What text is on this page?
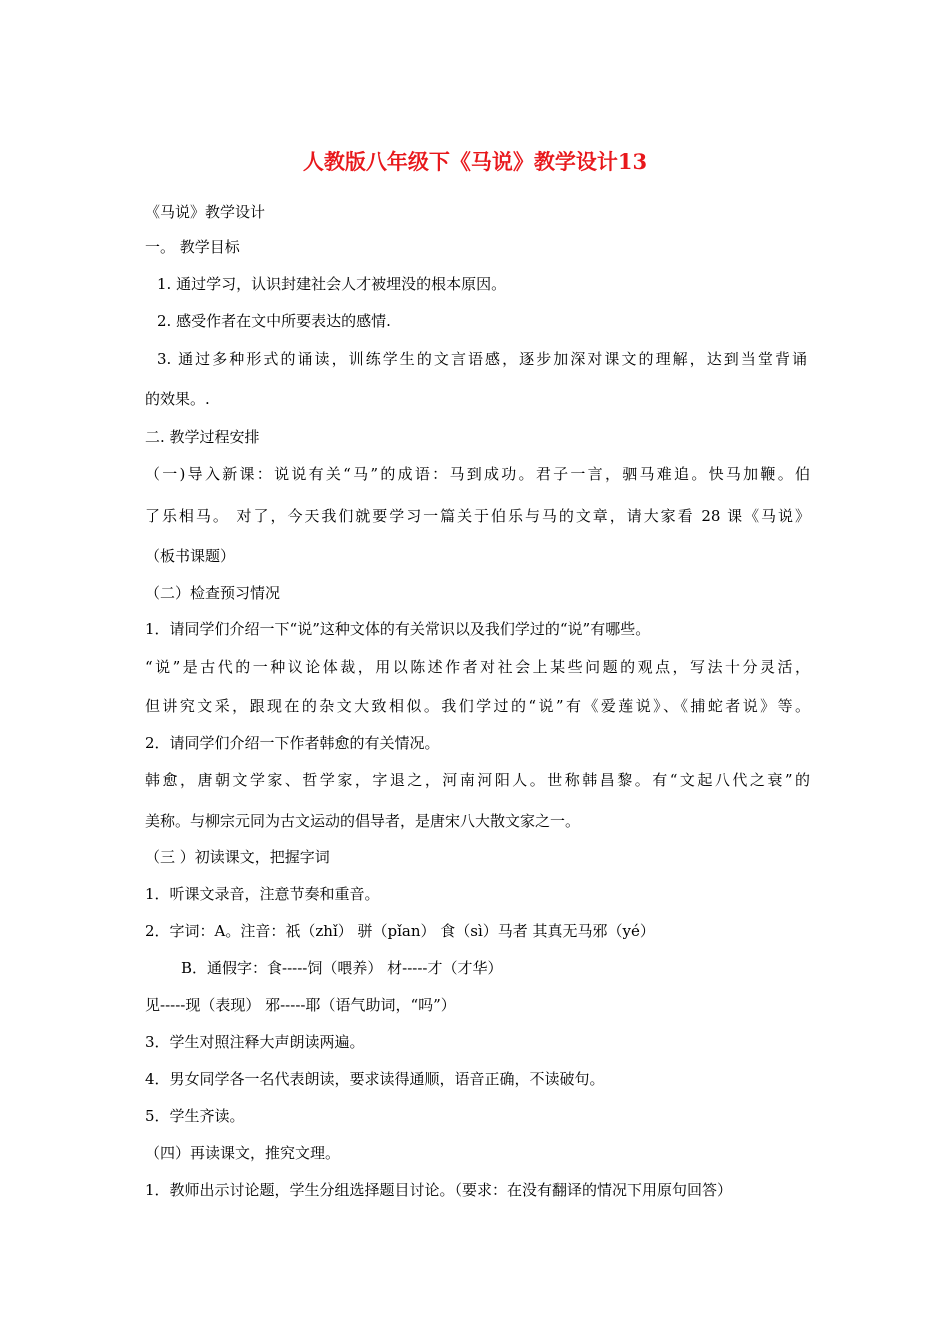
人教版八年级下《马说》教学设计13
《马说》教学设计
一。 教学目标
1. 通过学习，认识封建社会人才被埋没的根本原因。
2. 感受作者在文中所要表达的感情.
3. 通过多种形式的诵读，训练学生的文言语感，逐步加深对课文的理解，达到当堂背诵
的效果。.
二. 教学过程安排
（一)导入新课：说说有关“马”的成语：马到成功。君子一言，驷马难追。快马加鞭。伯
了乐相马。 对了，今天我们就要学习一篇关于伯乐与马的文章，请大家看 28 课《马说》
（板书课题）
（二）检查预习情况
1．请同学们介绍一下“说”这种文体的有关常识以及我们学过的“说”有哪些。
“说”是古代的一种议论体裁，用以陈述作者对社会上某些问题的观点，写法十分灵活，
但讲究文采，跟现在的杂文大致相似。我们学过的“说”有《爱莲说》、《捕蛇者说》等。
2．请同学们介绍一下作者韩愈的有关情况。
韩愈，唐朝文学家、哲学家，字退之，河南河阳人。世称韩昌黎。有“文起八代之衰”的
美称。与柳宗元同为古文运动的倡导者，是唐宋八大散文家之一。
（三 ）初读课文，把握字词
1．听课文录音，注意节奏和重音。
2．字词：A。注音：祇（zhǐ） 骈（pǐan） 食（sì）马者 其真无马邪（yé）
B．通假字：食-----饲（喂养） 材-----才（才华）
见-----现（表现） 邪-----耶（语气助词，“吗”）
3．学生对照注释大声朗读两遍。
4．男女同学各一名代表朗读，要求读得通顺，语音正确，不读破句。
5．学生齐读。
（四）再读课文，推究文理。
1．教师出示讨论题，学生分组选择题目讨论。（要求：在没有翻译的情况下用原句回答）
